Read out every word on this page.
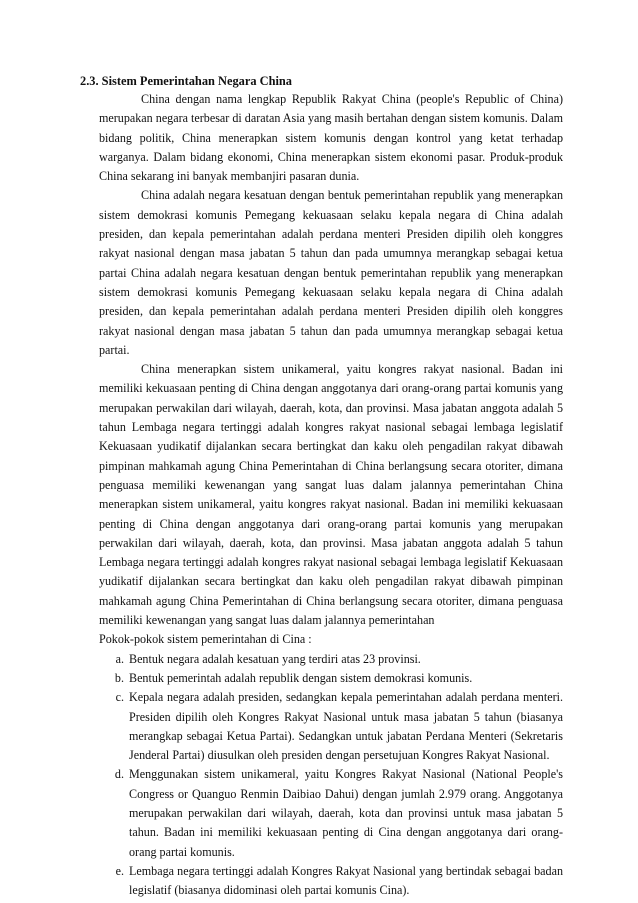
2.3. Sistem Pemerintahan Negara China

China dengan nama lengkap Republik Rakyat China (people's Republic of China) merupakan negara terbesar di daratan Asia yang masih bertahan dengan sistem komunis. Dalam bidang politik, China menerapkan sistem komunis dengan kontrol yang ketat terhadap warganya. Dalam bidang ekonomi, China menerapkan sistem ekonomi pasar. Produk-produk China sekarang ini banyak membanjiri pasaran dunia.

China adalah negara kesatuan dengan bentuk pemerintahan republik yang menerapkan sistem demokrasi komunis Pemegang kekuasaan selaku kepala negara di China adalah presiden, dan kepala pemerintahan adalah perdana menteri Presiden dipilih oleh konggres rakyat nasional dengan masa jabatan 5 tahun dan pada umumnya merangkap sebagai ketua partai China adalah negara kesatuan dengan bentuk pemerintahan republik yang menerapkan sistem demokrasi komunis Pemegang kekuasaan selaku kepala negara di China adalah presiden, dan kepala pemerintahan adalah perdana menteri Presiden dipilih oleh konggres rakyat nasional dengan masa jabatan 5 tahun dan pada umumnya merangkap sebagai ketua partai.

China menerapkan sistem unikameral, yaitu kongres rakyat nasional. Badan ini memiliki kekuasaan penting di China dengan anggotanya dari orang-orang partai komunis yang merupakan perwakilan dari wilayah, daerah, kota, dan provinsi. Masa jabatan anggota adalah 5 tahun Lembaga negara tertinggi adalah kongres rakyat nasional sebagai lembaga legislatif Kekuasaan yudikatif dijalankan secara bertingkat dan kaku oleh pengadilan rakyat dibawah pimpinan mahkamah agung China Pemerintahan di China berlangsung secara otoriter, dimana penguasa memiliki kewenangan yang sangat luas dalam jalannya pemerintahan China menerapkan sistem unikameral, yaitu kongres rakyat nasional. Badan ini memiliki kekuasaan penting di China dengan anggotanya dari orang-orang partai komunis yang merupakan perwakilan dari wilayah, daerah, kota, dan provinsi. Masa jabatan anggota adalah 5 tahun Lembaga negara tertinggi adalah kongres rakyat nasional sebagai lembaga legislatif Kekuasaan yudikatif dijalankan secara bertingkat dan kaku oleh pengadilan rakyat dibawah pimpinan mahkamah agung China Pemerintahan di China berlangsung secara otoriter, dimana penguasa memiliki kewenangan yang sangat luas dalam jalannya pemerintahan

Pokok-pokok sistem pemerintahan di Cina :

a. Bentuk negara adalah kesatuan yang terdiri atas 23 provinsi.
b. Bentuk pemerintah adalah republik dengan sistem demokrasi komunis.
c. Kepala negara adalah presiden, sedangkan kepala pemerintahan adalah perdana menteri. Presiden dipilih oleh Kongres Rakyat Nasional untuk masa jabatan 5 tahun (biasanya merangkap sebagai Ketua Partai). Sedangkan untuk jabatan Perdana Menteri (Sekretaris Jenderal Partai) diusulkan oleh presiden dengan persetujuan Kongres Rakyat Nasional.
d. Menggunakan sistem unikameral, yaitu Kongres Rakyat Nasional (National People's Congress or Quanguo Renmin Daibiao Dahui) dengan jumlah 2.979 orang. Anggotanya merupakan perwakilan dari wilayah, daerah, kota dan provinsi untuk masa jabatan 5 tahun. Badan ini memiliki kekuasaan penting di Cina dengan anggotanya dari orang-orang partai komunis.
e. Lembaga negara tertinggi adalah Kongres Rakyat Nasional yang bertindak sebagai badan legislatif (biasanya didominasi oleh partai komunis Cina).
